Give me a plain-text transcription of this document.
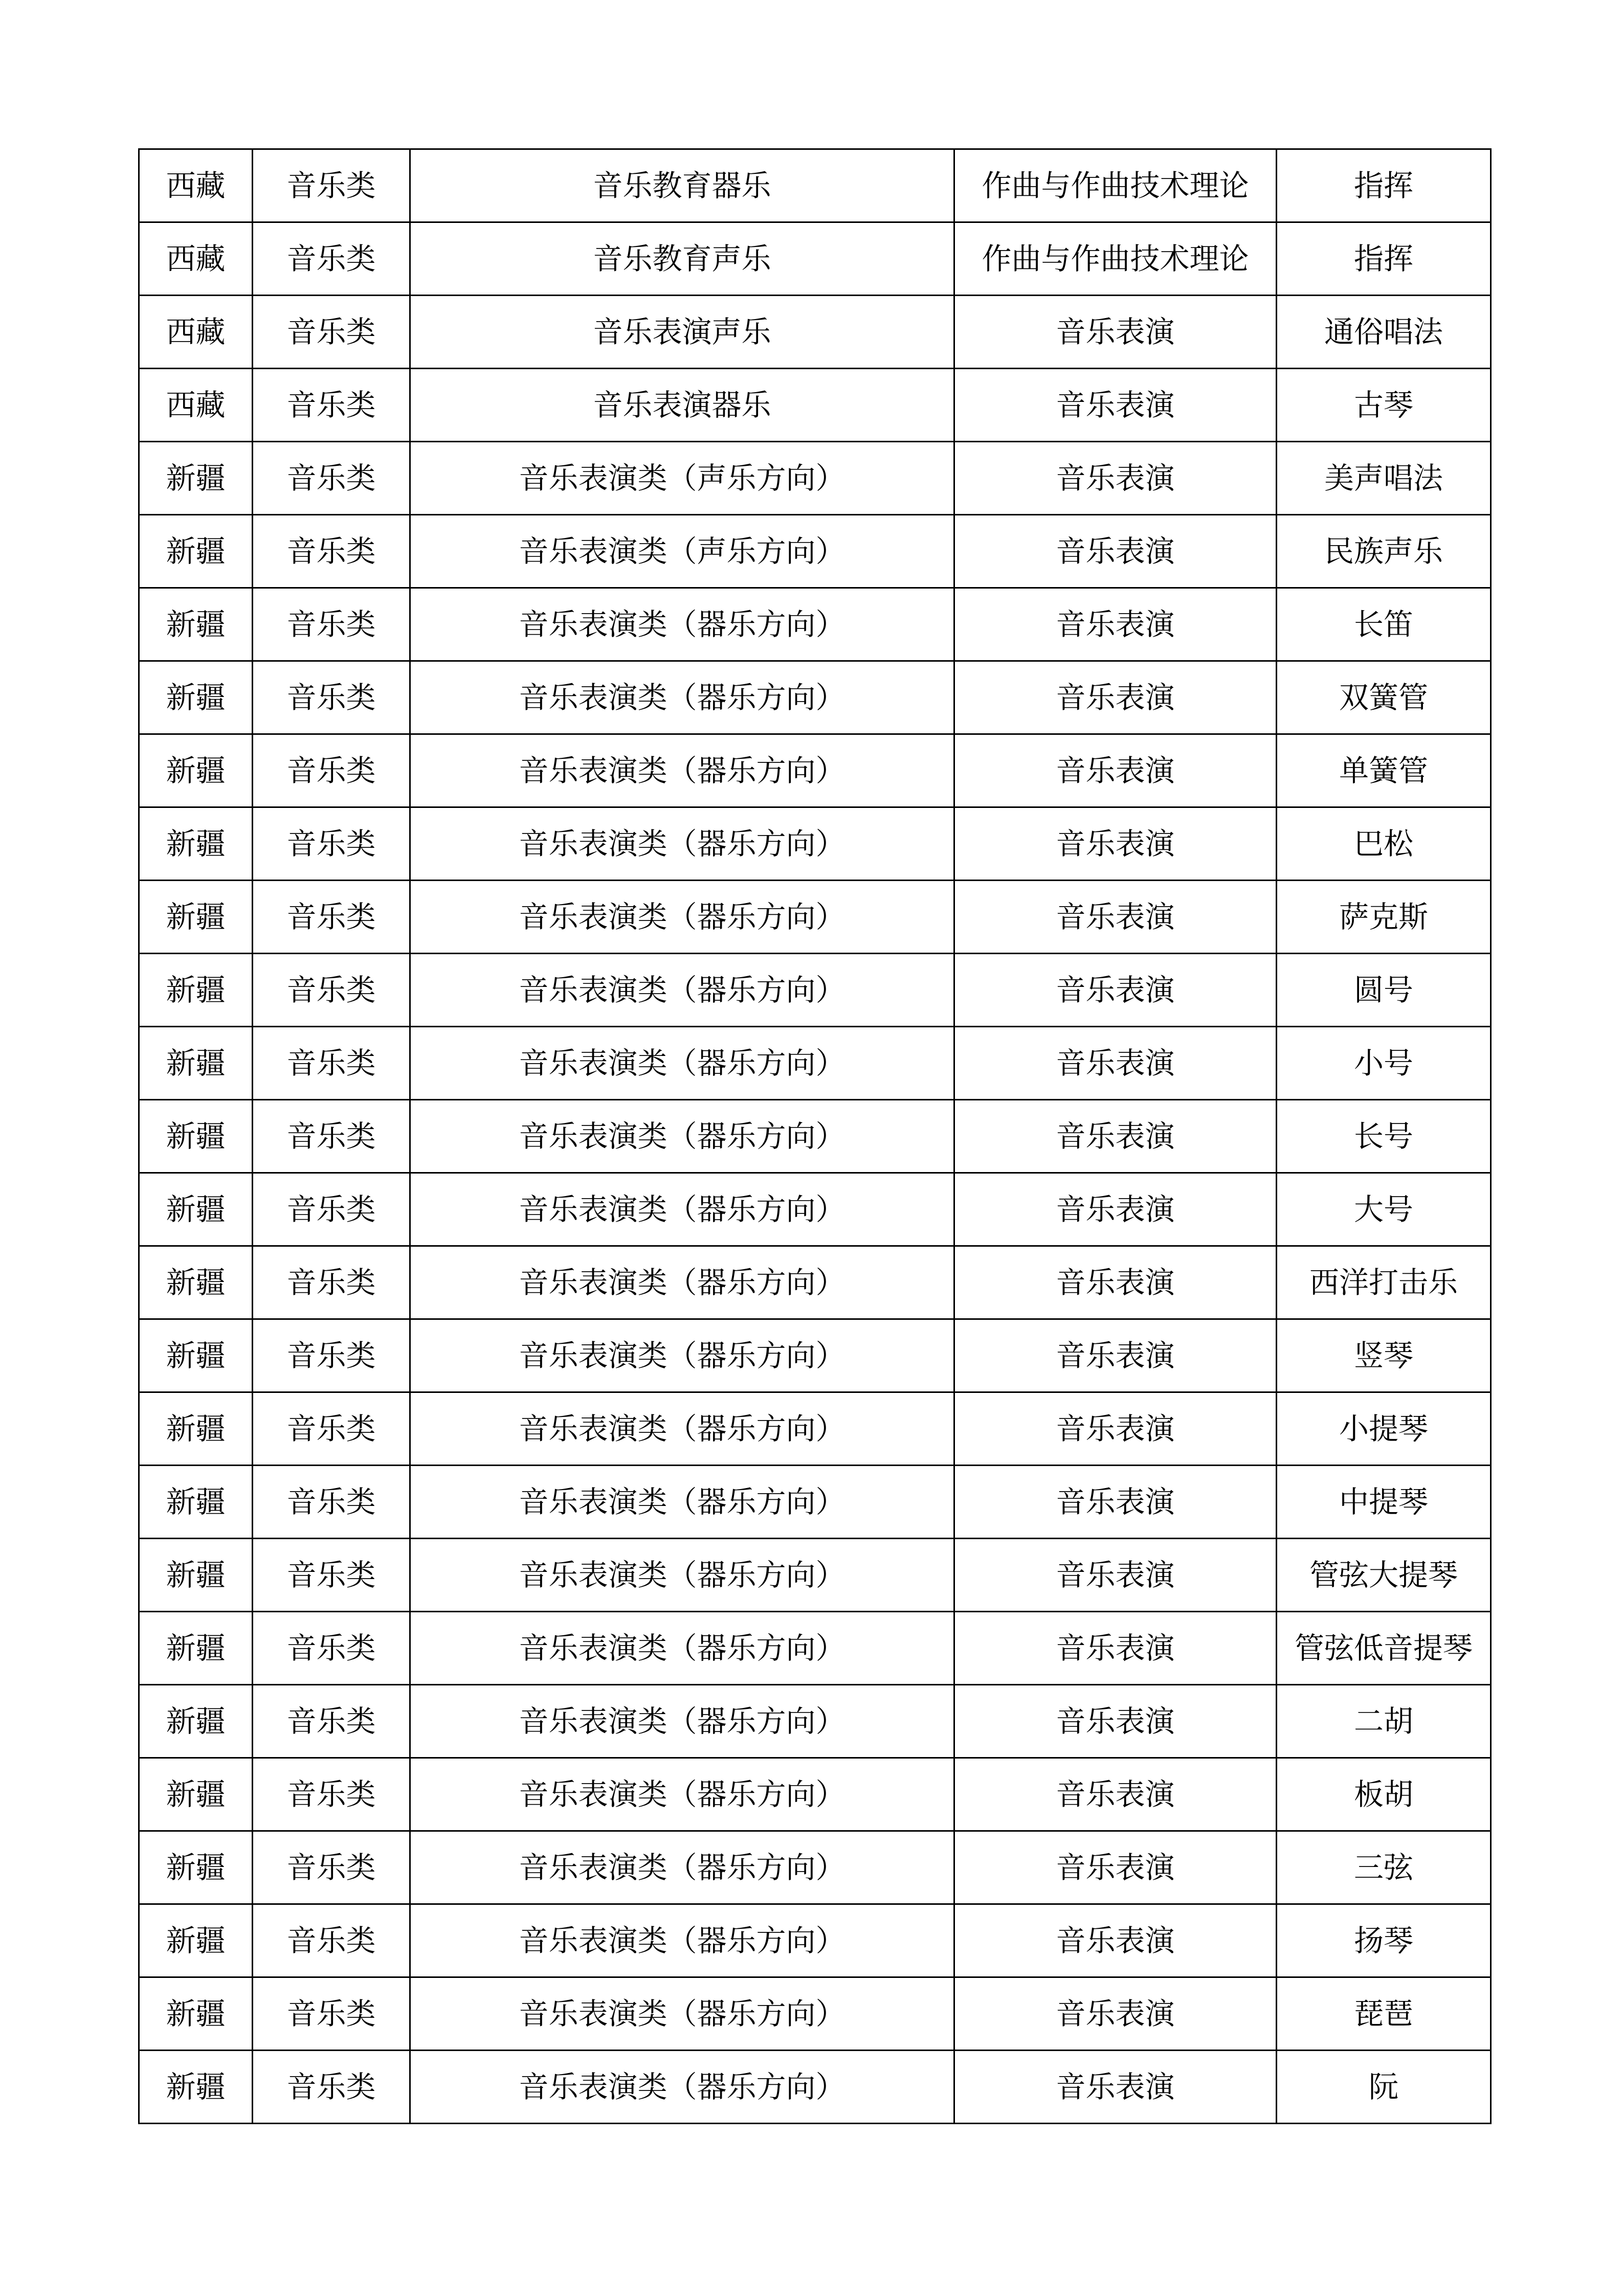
西藏	音乐类	音乐教育器乐	作曲与作曲技术理论	指挥
西藏	音乐类	音乐教育声乐	作曲与作曲技术理论	指挥
西藏	音乐类	音乐表演声乐	音乐表演	通俗唱法
西藏	音乐类	音乐表演器乐	音乐表演	古琴
新疆	音乐类	音乐表演类（声乐方向）	音乐表演	美声唱法
新疆	音乐类	音乐表演类（声乐方向）	音乐表演	民族声乐
新疆	音乐类	音乐表演类（器乐方向）	音乐表演	长笛
新疆	音乐类	音乐表演类（器乐方向）	音乐表演	双簧管
新疆	音乐类	音乐表演类（器乐方向）	音乐表演	单簧管
新疆	音乐类	音乐表演类（器乐方向）	音乐表演	巴松
新疆	音乐类	音乐表演类（器乐方向）	音乐表演	萨克斯
新疆	音乐类	音乐表演类（器乐方向）	音乐表演	圆号
新疆	音乐类	音乐表演类（器乐方向）	音乐表演	小号
新疆	音乐类	音乐表演类（器乐方向）	音乐表演	长号
新疆	音乐类	音乐表演类（器乐方向）	音乐表演	大号
新疆	音乐类	音乐表演类（器乐方向）	音乐表演	西洋打击乐
新疆	音乐类	音乐表演类（器乐方向）	音乐表演	竖琴
新疆	音乐类	音乐表演类（器乐方向）	音乐表演	小提琴
新疆	音乐类	音乐表演类（器乐方向）	音乐表演	中提琴
新疆	音乐类	音乐表演类（器乐方向）	音乐表演	管弦大提琴
新疆	音乐类	音乐表演类（器乐方向）	音乐表演	管弦低音提琴
新疆	音乐类	音乐表演类（器乐方向）	音乐表演	二胡
新疆	音乐类	音乐表演类（器乐方向）	音乐表演	板胡
新疆	音乐类	音乐表演类（器乐方向）	音乐表演	三弦
新疆	音乐类	音乐表演类（器乐方向）	音乐表演	扬琴
新疆	音乐类	音乐表演类（器乐方向）	音乐表演	琵琶
新疆	音乐类	音乐表演类（器乐方向）	音乐表演	阮
